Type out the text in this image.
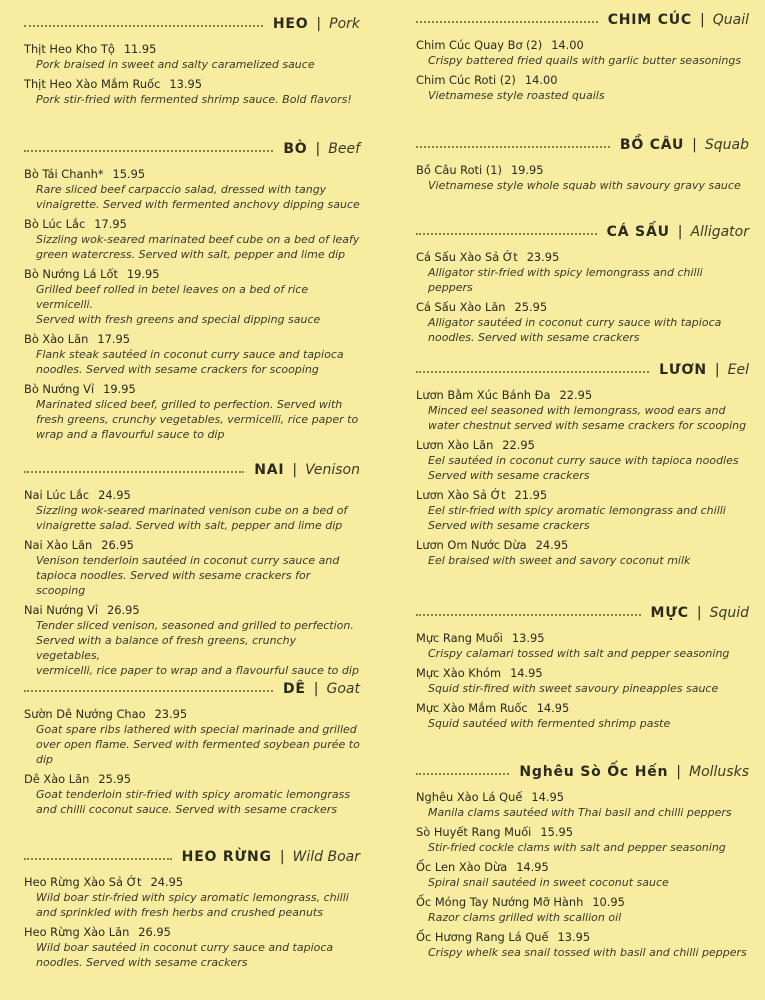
HEO | Pork
Thịt Heo Kho Tộ 11.95
Pork braised in sweet and salty caramelized sauce
Thịt Heo Xào Mắm Ruốc 13.95
Pork stir-fried with fermented shrimp sauce. Bold flavors!
BÒ | Beef
Bò Tái Chanh* 15.95
Rare sliced beef carpaccio salad, dressed with tangy
vinaigrette. Served with fermented anchovy dipping sauce
Bò Lúc Lắc 17.95
Sizzling wok-seared marinated beef cube on a bed of leafy
green watercress. Served with salt, pepper and lime dip
Bò Nướng Lá Lốt 19.95
Grilled beef rolled in betel leaves on a bed of rice vermicelli.
Served with fresh greens and special dipping sauce
Bò Xào Lăn 17.95
Flank steak sautéed in coconut curry sauce and tapioca
noodles. Served with sesame crackers for scooping
Bò Nướng Vỉ 19.95
Marinated sliced beef, grilled to perfection. Served with
fresh greens, crunchy vegetables, vermicelli, rice paper to
wrap and a flavourful sauce to dip
NAI | Venison
Nai Lúc Lắc 24.95
Sizzling wok-seared marinated venison cube on a bed of
vinaigrette salad. Served with salt, pepper and lime dip
Nai Xào Lăn 26.95
Venison tenderloin sautéed in coconut curry sauce and
tapioca noodles. Served with sesame crackers for scooping
Nai Nướng Vỉ 26.95
Tender sliced venison, seasoned and grilled to perfection.
Served with a balance of fresh greens, crunchy vegetables,
vermicelli, rice paper to wrap and a flavourful sauce to dip
DÊ | Goat
Sườn Dê Nướng Chao 23.95
Goat spare ribs lathered with special marinade and grilled
over open flame. Served with fermented soybean purée to
dip
Dê Xào Lăn 25.95
Goat tenderloin stir-fried with spicy aromatic lemongrass
and chilli coconut sauce. Served with sesame crackers
HEO RỪNG | Wild Boar
Heo Rừng Xào Sả Ớt 24.95
Wild boar stir-fried with spicy aromatic lemongrass, chilli
and sprinkled with fresh herbs and crushed peanuts
Heo Rừng Xào Lăn 26.95
Wild boar sautéed in coconut curry sauce and tapioca
noodles. Served with sesame crackers
CHIM CÚC | Quail
Chim Cúc Quay Bơ (2) 14.00
Crispy battered fried quails with garlic butter seasonings
Chim Cúc Roti (2) 14.00
Vietnamese style roasted quails
BỒ CÂU | Squab
Bồ Câu Roti (1) 19.95
Vietnamese style whole squab with savoury gravy sauce
CÁ SẤU | Alligator
Cá Sấu Xào Sả Ớt 23.95
Alligator stir-fried with spicy lemongrass and chilli peppers
Cá Sấu Xào Lăn 25.95
Alligator sautéed in coconut curry sauce with tapioca
noodles. Served with sesame crackers
LƯƠN | Eel
Lươn Bằm Xúc Bánh Đa 22.95
Minced eel seasoned with lemongrass, wood ears and
water chestnut served with sesame crackers for scooping
Lươn Xào Lăn 22.95
Eel sautéed in coconut curry sauce with tapioca noodles
Served with sesame crackers
Lươn Xào Sả Ớt 21.95
Eel stir-fried with spicy aromatic lemongrass and chilli
Served with sesame crackers
Lươn Om Nước Dừa 24.95
Eel braised with sweet and savory coconut milk
MỰC | Squid
Mực Rang Muối 13.95
Crispy calamari tossed with salt and pepper seasoning
Mực Xào Khóm 14.95
Squid stir-fired with sweet savoury pineapples sauce
Mực Xào Mắm Ruốc 14.95
Squid sautéed with fermented shrimp paste
Nghêu Sò Ốc Hến | Mollusks
Nghêu Xào Lá Quế 14.95
Manila clams sautéed with Thai basil and chilli peppers
Sò Huyết Rang Muối 15.95
Stir-fried cockle clams with salt and pepper seasoning
Ốc Len Xào Dừa 14.95
Spiral snail sautéed in sweet coconut sauce
Ốc Móng Tay Nướng Mỡ Hành 10.95
Razor clams grilled with scallion oil
Ốc Hương Rang Lá Quế 13.95
Crispy whelk sea snail tossed with basil and chilli peppers
